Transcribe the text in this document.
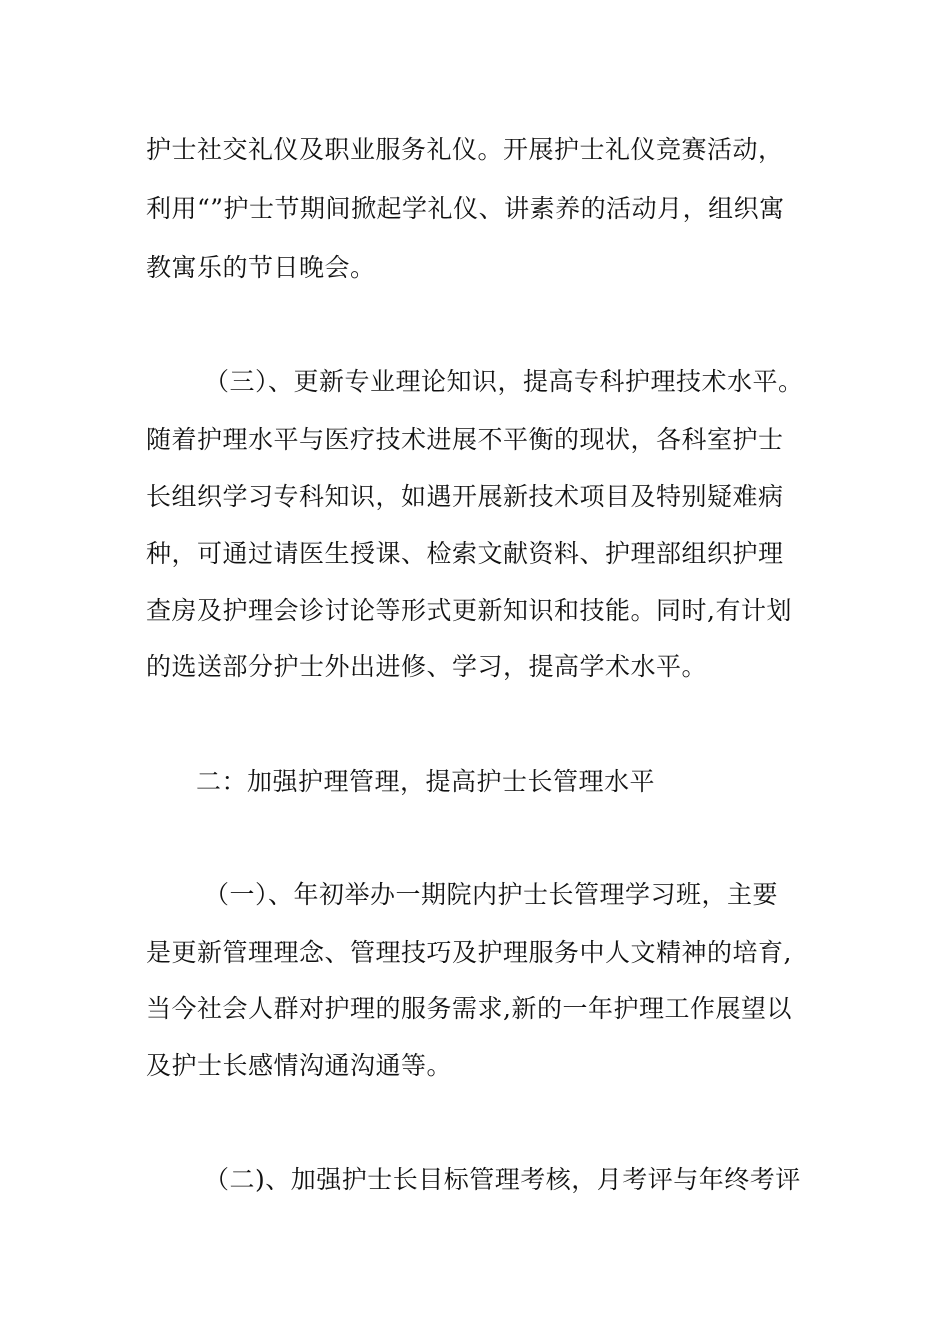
护士社交礼仪及职业服务礼仪。开展护士礼仪竞赛活动，
利用“”护士节期间掀起学礼仪、讲素养的活动月，组织寓
教寓乐的节日晚会。
（三）、更新专业理论知识，提高专科护理技术水平。
随着护理水平与医疗技术进展不平衡的现状，各科室护士
长组织学习专科知识，如遇开展新技术项目及特别疑难病
种，可通过请医生授课、检索文献资料、护理部组织护理
查房及护理会诊讨论等形式更新知识和技能。同时,有计划
的选送部分护士外出进修、学习，提高学术水平。
二：加强护理管理，提高护士长管理水平
（一）、年初举办一期院内护士长管理学习班，主要
是更新管理理念、管理技巧及护理服务中人文精神的培育,
当今社会人群对护理的服务需求,新的一年护理工作展望以
及护士长感情沟通沟通等。
（二)、加强护士长目标管理考核，月考评与年终考评
